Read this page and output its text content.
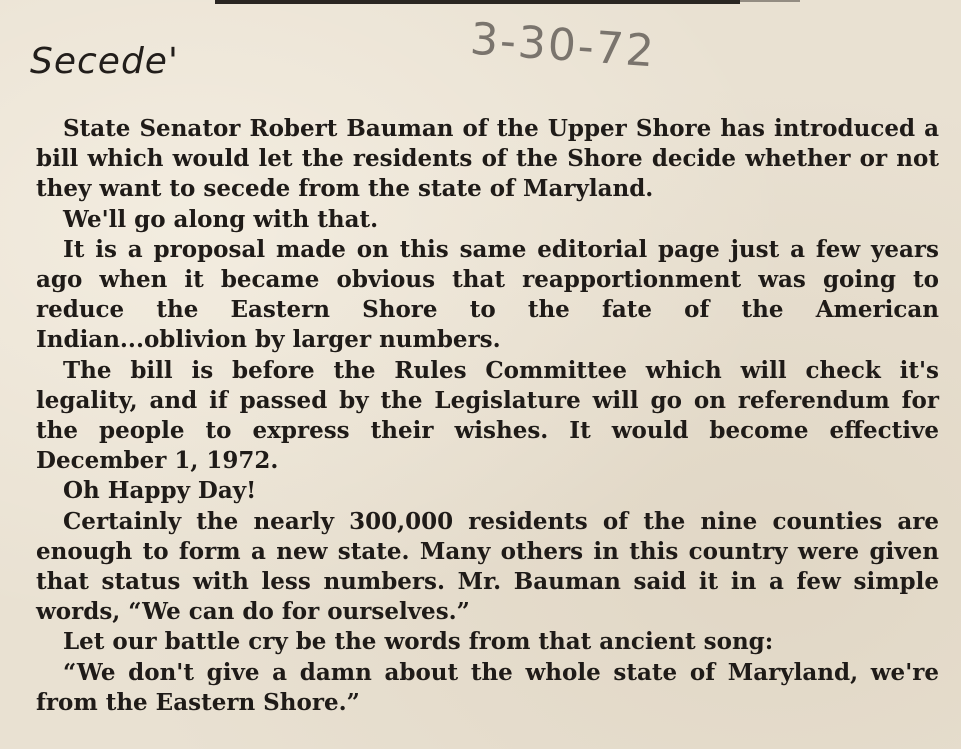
Secede'	3-30-72

State Senator Robert Bauman of the Upper Shore has introduced a bill which would let the residents of the Shore decide whether or not they want to secede from the state of Maryland.

We'll go along with that.

It is a proposal made on this same editorial page just a few years ago when it became obvious that reapportionment was going to reduce the Eastern Shore to the fate of the American Indian...oblivion by larger numbers.

The bill is before the Rules Committee which will check it's legality, and if passed by the Legislature will go on referendum for the people to express their wishes. It would become effective December 1, 1972.

Oh Happy Day!

Certainly the nearly 300,000 residents of the nine counties are enough to form a new state. Many others in this country were given that status with less numbers. Mr. Bauman said it in a few simple words, “We can do for ourselves.”

Let our battle cry be the words from that ancient song:

“We don't give a damn about the whole state of Maryland, we're from the Eastern Shore.”
